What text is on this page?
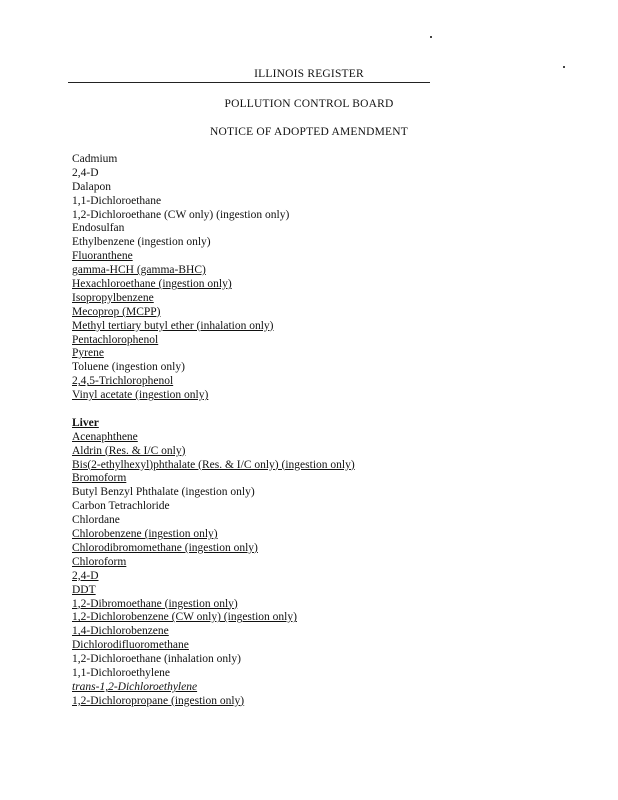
ILLINOIS REGISTER
POLLUTION CONTROL BOARD
NOTICE OF ADOPTED AMENDMENT
Cadmium
2,4-D
Dalapon
1,1-Dichloroethane
1,2-Dichloroethane (CW only) (ingestion only)
Endosulfan
Ethylbenzene (ingestion only)
Fluoranthene
gamma-HCH (gamma-BHC)
Hexachloroethane (ingestion only)
Isopropylbenzene
Mecoprop (MCPP)
Methyl tertiary butyl ether (inhalation only)
Pentachlorophenol
Pyrene
Toluene (ingestion only)
2,4,5-Trichlorophenol
Vinyl acetate (ingestion only)
Liver
Acenaphthene
Aldrin (Res. & I/C only)
Bis(2-ethylhexyl)phthalate (Res. & I/C only) (ingestion only)
Bromoform
Butyl Benzyl Phthalate (ingestion only)
Carbon Tetrachloride
Chlordane
Chlorobenzene (ingestion only)
Chlorodibromomethane (ingestion only)
Chloroform
2,4-D
DDT
1,2-Dibromoethane (ingestion only)
1,2-Dichlorobenzene (CW only) (ingestion only)
1,4-Dichlorobenzene
Dichlorodifluoromethane
1,2-Dichloroethane (inhalation only)
1,1-Dichloroethylene
trans-1,2-Dichloroethylene
1,2-Dichloropropane (ingestion only)
